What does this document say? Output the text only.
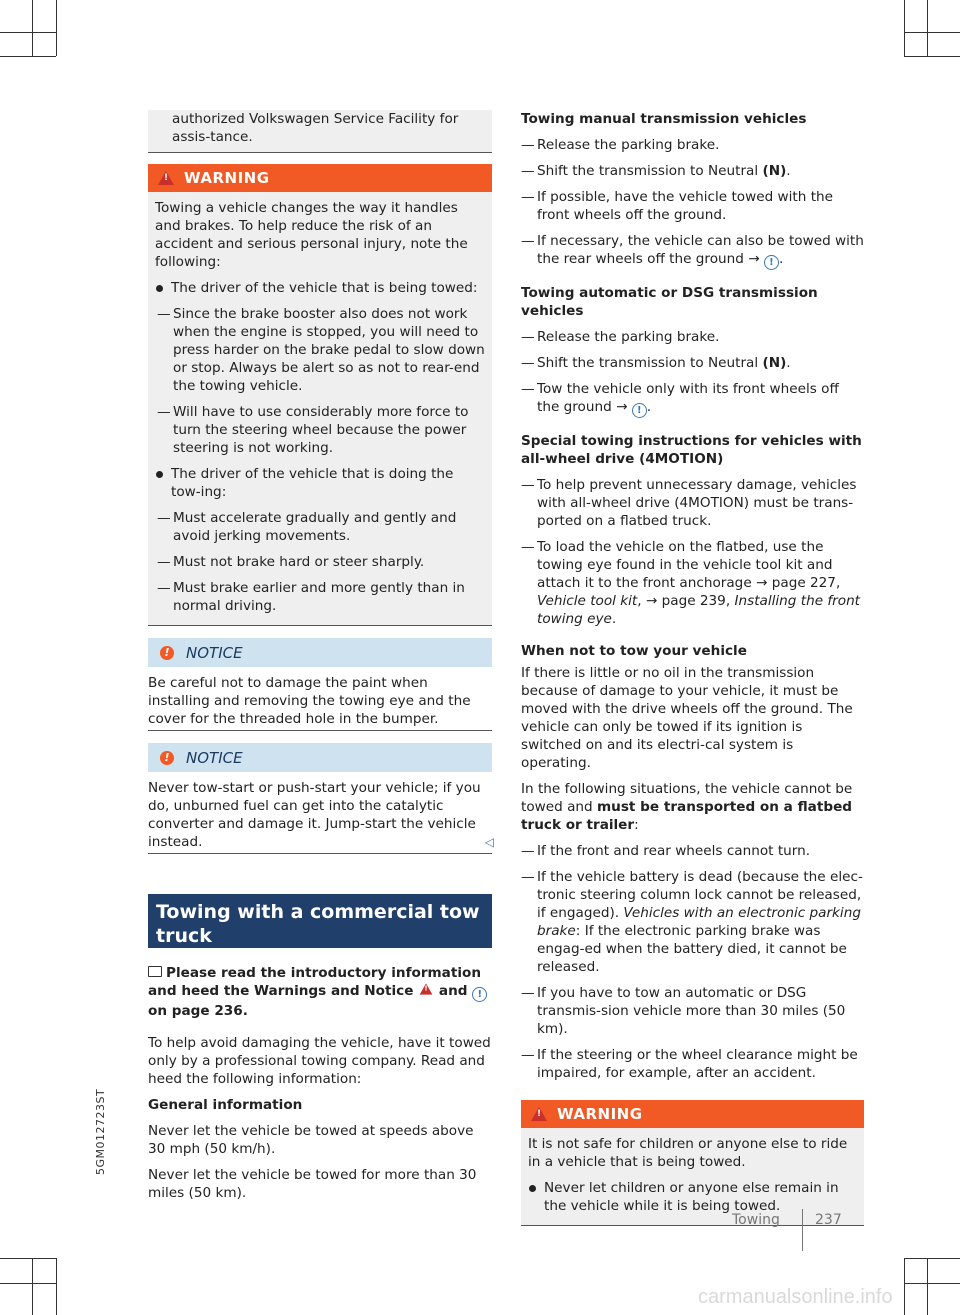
5GM012723ST
authorized Volkswagen Service Facility for assis-tance.
!
WARNING

Towing a vehicle changes the way it handles and brakes. To help reduce the risk of an accident and serious personal injury, note the following:

The driver of the vehicle that is being towed:
— Since the brake booster also does not work when the engine is stopped, you will need to press harder on the brake pedal to slow down or stop. Always be alert so as not to rear-end the towing vehicle.
— Will have to use considerably more force to turn the steering wheel because the power steering is not working.
The driver of the vehicle that is doing the tow-ing:
— Must accelerate gradually and gently and avoid jerking movements.
— Must not brake hard or steer sharply.
— Must brake earlier and more gently than in normal driving.
! NOTICE
Be careful not to damage the paint when installing and removing the towing eye and the cover for the threaded hole in the bumper.
! NOTICE
Never tow-start or push-start your vehicle; if you do, unburned fuel can get into the catalytic converter and damage it. Jump-start the vehicle instead.	◁
Towing with a commercial tow truck

Please read the introductory information and heed the Warnings and Notice ! and ! on page 236.

To help avoid damaging the vehicle, have it towed only by a professional towing company. Read and heed the following information:

General information

Never let the vehicle be towed at speeds above 30 mph (50 km/h).

Never let the vehicle be towed for more than 30 miles (50 km).

Towing manual transmission vehicles

— Release the parking brake.
— Shift the transmission to Neutral (N).
— If possible, have the vehicle towed with the front wheels off the ground.
— If necessary, the vehicle can also be towed with the rear wheels off the ground → ! .

Towing automatic or DSG transmission vehicles

— Release the parking brake.
— Shift the transmission to Neutral (N).
— Tow the vehicle only with its front wheels off the ground → ! .

Special towing instructions for vehicles with all-wheel drive (4MOTION)

— To help prevent unnecessary damage, vehicles with all-wheel drive (4MOTION) must be trans-ported on a flatbed truck.
— To load the vehicle on the flatbed, use the towing eye found in the vehicle tool kit and attach it to the front anchorage → page 227, Vehicle tool kit, → page 239, Installing the front towing eye.

When not to tow your vehicle

If there is little or no oil in the transmission because of damage to your vehicle, it must be moved with the drive wheels off the ground. The vehicle can only be towed if its ignition is switched on and its electri-cal system is operating.

In the following situations, the vehicle cannot be towed and must be transported on a flatbed truck or trailer:

— If the front and rear wheels cannot turn.
— If the vehicle battery is dead (because the elec-tronic steering column lock cannot be released, if engaged). Vehicles with an electronic parking brake: If the electronic parking brake was engag-ed when the battery died, it cannot be released.
— If you have to tow an automatic or DSG transmis-sion vehicle more than 30 miles (50 km).
— If the steering or the wheel clearance might be impaired, for example, after an accident.
!
WARNING

It is not safe for children or anyone else to ride in a vehicle that is being towed.

Never let children or anyone else remain in the vehicle while it is being towed.
Towing	237
carmanualsonline.info
